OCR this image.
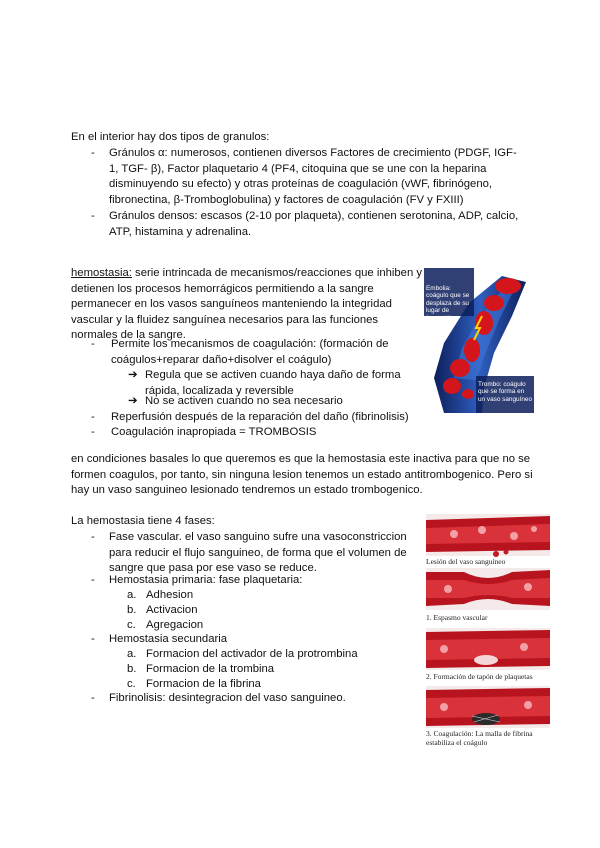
En el interior hay dos tipos de granulos:

- Gránulos α: numerosos, contienen diversos Factores de crecimiento (PDGF, IGF-1, TGF- β), Factor plaquetario 4 (PF4, citoquina que se une con la heparina disminuyendo su efecto) y otras proteínas de coagulación (vWF, fibrinógeno, fibronectina, β-Tromboglobulina) y factores de coagulación (FV y FXIII)

- Gránulos densos: escasos (2-10 por plaqueta), contienen serotonina, ADP, calcio, ATP, histamina y adrenalina.

hemostasia: serie intrincada de mecanismos/reacciones que inhiben y detienen los procesos hemorrágicos permitiendo a la sangre permanecer en los vasos sanguíneos manteniendo la integridad vascular y la fluidez sanguínea necesarios para las funciones normales de la sangre.

- Permite los mecanismos de coagulación: (formación de coágulos+reparar daño+disolver el coágulo)

➔ Regula que se activen cuando haya daño de forma rápida, localizada y reversible

➔ No se activen cuando no sea necesario

- Reperfusión después de la reparación del daño (fibrinolisis)

- Coagulación inapropiada = TROMBOSIS

Embolia: coágulo que se desplaza de su lugar de formación

Trombo: coágulo que se forma en un vaso sanguíneo

en condiciones basales lo que queremos es que la hemostasia este inactiva para que no se formen coagulos, por tanto, sin ninguna lesion tenemos un estado antitrombogenico. Pero si hay un vaso sanguineo lesionado tendremos un estado trombogenico.

La hemostasia tiene 4 fases:

- Fase vascular. el vaso sanguino sufre una vasoconstriccion para reducir el flujo sanguineo, de forma que el volumen de sangre que pasa por ese vaso se reduce.

- Hemostasia primaria: fase plaquetaria:

a. Adhesion

b. Activacion

c. Agregacion

- Hemostasia secundaria

a. Formacion del activador de la protrombina

b. Formacion de la trombina

c. Formacion de la fibrina

- Fibrinolisis: desintegracion del vaso sanguineo.

Lesión del vaso sanguíneo

1. Espasmo vascular

2. Formación de tapón de plaquetas

3. Coagulación: La malla de fibrina estabiliza el coágulo
